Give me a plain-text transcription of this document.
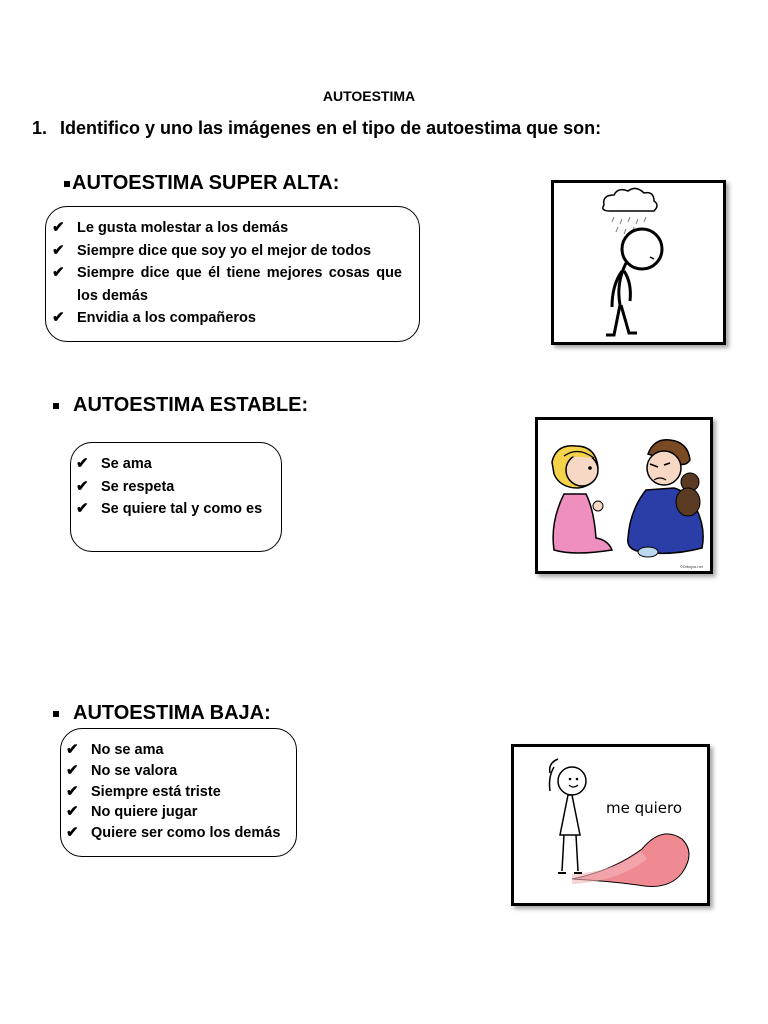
AUTOESTIMA
1. Identifico y uno las imágenes en el tipo de autoestima que son:
AUTOESTIMA SUPER ALTA:
✔ Le gusta molestar a los demás
✔ Siempre dice que soy yo el mejor de todos
✔ Siempre dice que él tiene mejores cosas que los demás
✔ Envidia a los compañeros
AUTOESTIMA ESTABLE:
✔ Se ama
✔ Se respeta
✔ Se quiere tal y como es
©Dibujos.net
AUTOESTIMA BAJA:
✔ No se ama
✔ No se valora
✔ Siempre está triste
✔ No quiere jugar
✔ Quiere ser como los demás
me quiero
